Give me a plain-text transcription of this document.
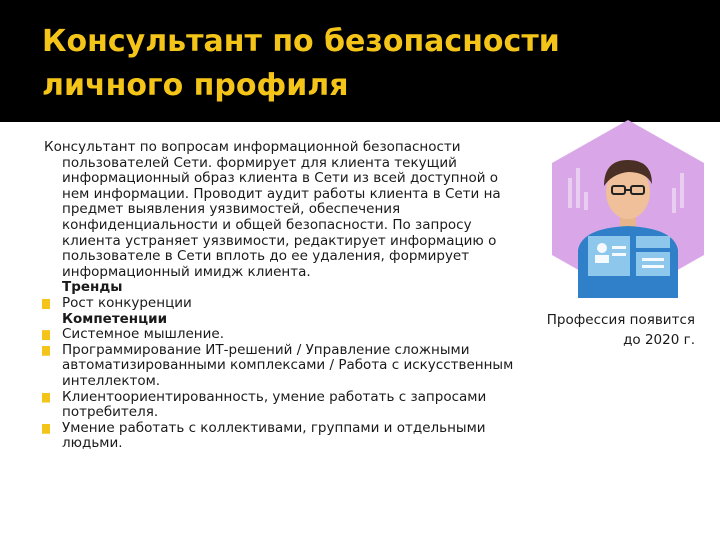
Консультант по безопасности
личного профиля
Консультант по вопросам информационной безопасности
пользователей Сети. формирует для клиента текущий
информационный образ клиента в Сети из всей доступной о
нем информации. Проводит аудит работы клиента в Сети на
предмет выявления уязвимостей, обеспечения
конфиденциальности и общей безопасности. По запросу
клиента устраняет уязвимости, редактирует информацию о
пользователе в Сети вплоть до ее удаления, формирует
информационный имидж клиента.
Тренды
Рост конкуренции
Компетенции
Системное мышление.
Программирование ИТ-решений / Управление сложными
автоматизированными комплексами / Работа с искусственным
интеллектом.
Клиентоориентированность, умение работать с запросами
потребителя.
Умение работать с коллективами, группами и отдельными
людьми.
Профессия появится
до 2020 г.
